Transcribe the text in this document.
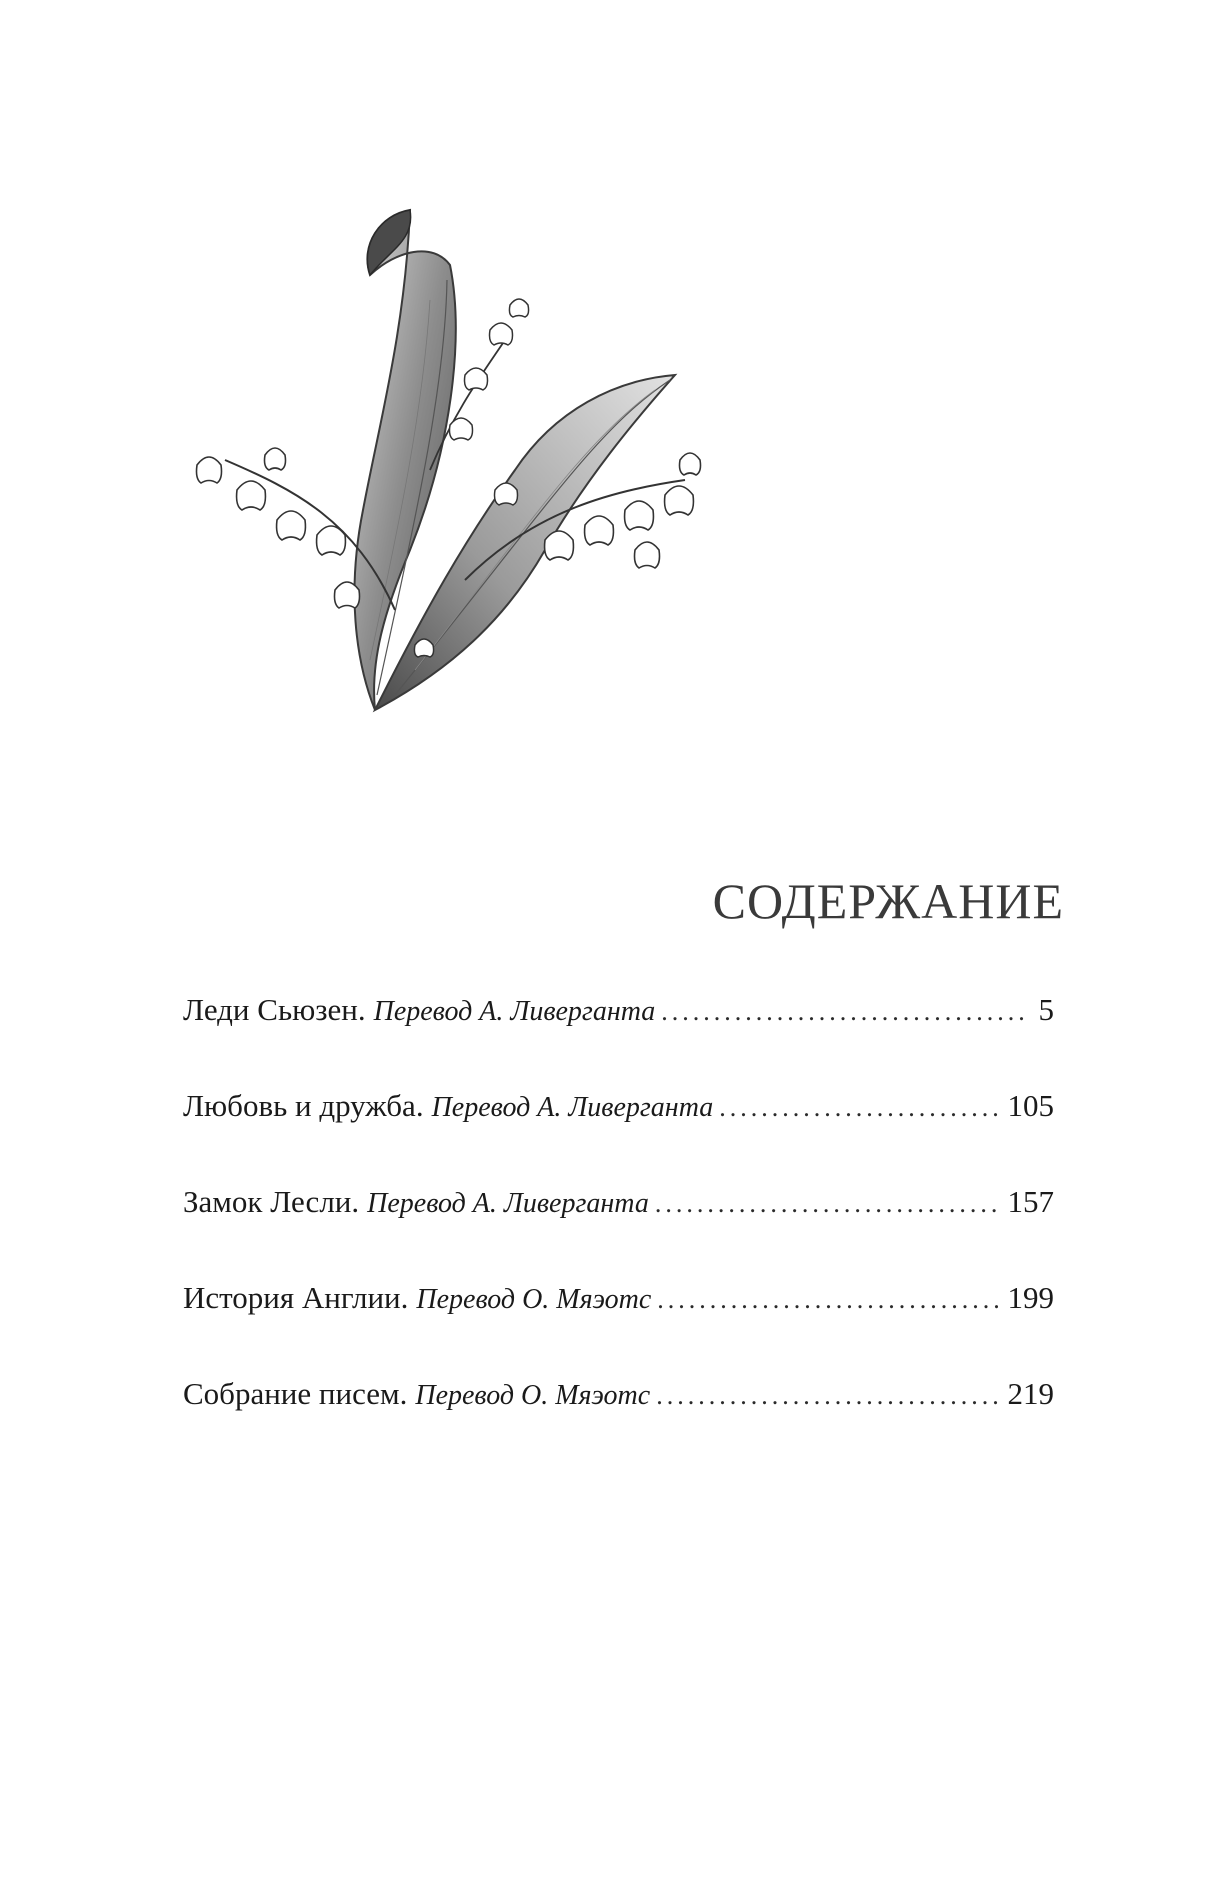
СОДЕРЖАНИЕ
Леди Сьюзен. Перевод А. Ливерганта .....	5
Любовь и дружба. Перевод А. Ливерганта .....	105
Замок Лесли. Перевод А. Ливерганта .....	157
История Англии. Перевод О. Мяэотс .....	199
Собрание писем. Перевод О. Мяэотс .....	219
